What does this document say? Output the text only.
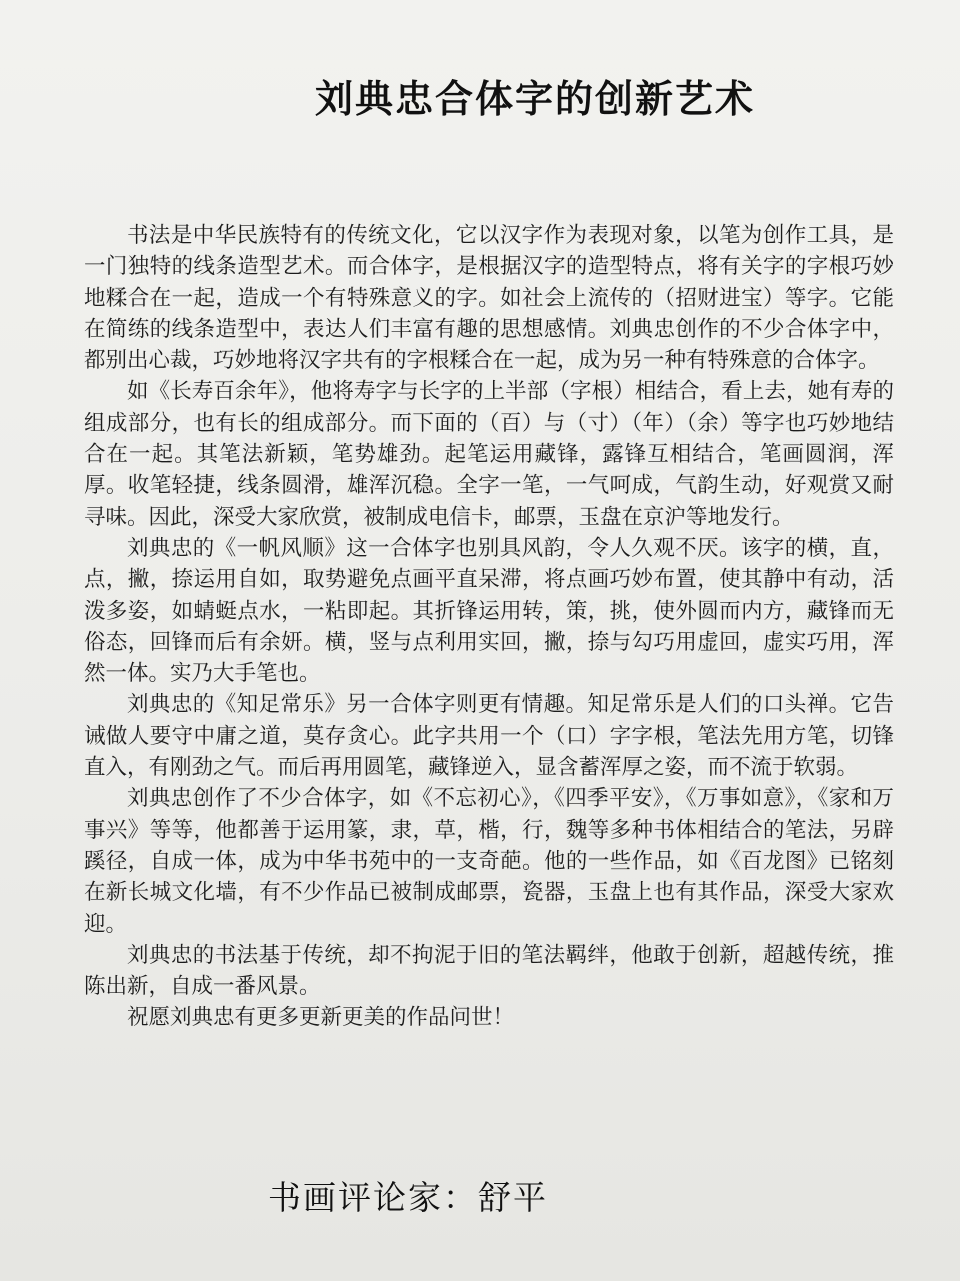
刘典忠合体字的创新艺术

书法是中华民族特有的传统文化，它以汉字作为表现对象，以笔为创作工具，是一门独特的线条造型艺术。而合体字，是根据汉字的造型特点，将有关字的字根巧妙地糅合在一起，造成一个有特殊意义的字。如社会上流传的（招财进宝）等字。它能在简练的线条造型中，表达人们丰富有趣的思想感情。刘典忠创作的不少合体字中，都别出心裁，巧妙地将汉字共有的字根糅合在一起，成为另一种有特殊意的合体字。

如《长寿百余年》，他将寿字与长字的上半部（字根）相结合，看上去，她有寿的组成部分，也有长的组成部分。而下面的（百）与（寸）（年）（余）等字也巧妙地结合在一起。其笔法新颖，笔势雄劲。起笔运用藏锋，露锋互相结合，笔画圆润，浑厚。收笔轻捷，线条圆滑，雄浑沉稳。全字一笔，一气呵成，气韵生动，好观赏又耐寻味。因此，深受大家欣赏，被制成电信卡，邮票，玉盘在京沪等地发行。

刘典忠的《一帆风顺》这一合体字也别具风韵，令人久观不厌。该字的横，直，点，撇，捺运用自如，取势避免点画平直呆滞，将点画巧妙布置，使其静中有动，活泼多姿，如蜻蜓点水，一粘即起。其折锋运用转，策，挑，使外圆而内方，藏锋而无俗态，回锋而后有余妍。横，竖与点利用实回，撇，捺与勾巧用虚回，虚实巧用，浑然一体。实乃大手笔也。

刘典忠的《知足常乐》另一合体字则更有情趣。知足常乐是人们的口头禅。它告诫做人要守中庸之道，莫存贪心。此字共用一个（口）字字根，笔法先用方笔，切锋直入，有刚劲之气。而后再用圆笔，藏锋逆入，显含蓄浑厚之姿，而不流于软弱。

刘典忠创作了不少合体字，如《不忘初心》，《四季平安》，《万事如意》，《家和万事兴》等等，他都善于运用篆，隶，草，楷，行，魏等多种书体相结合的笔法，另辟蹊径，自成一体，成为中华书苑中的一支奇葩。他的一些作品，如《百龙图》已铭刻在新长城文化墙，有不少作品已被制成邮票，瓷器，玉盘上也有其作品，深受大家欢迎。

刘典忠的书法基于传统，却不拘泥于旧的笔法羁绊，他敢于创新，超越传统，推陈出新，自成一番风景。

祝愿刘典忠有更多更新更美的作品问世！

书画评论家：舒平
